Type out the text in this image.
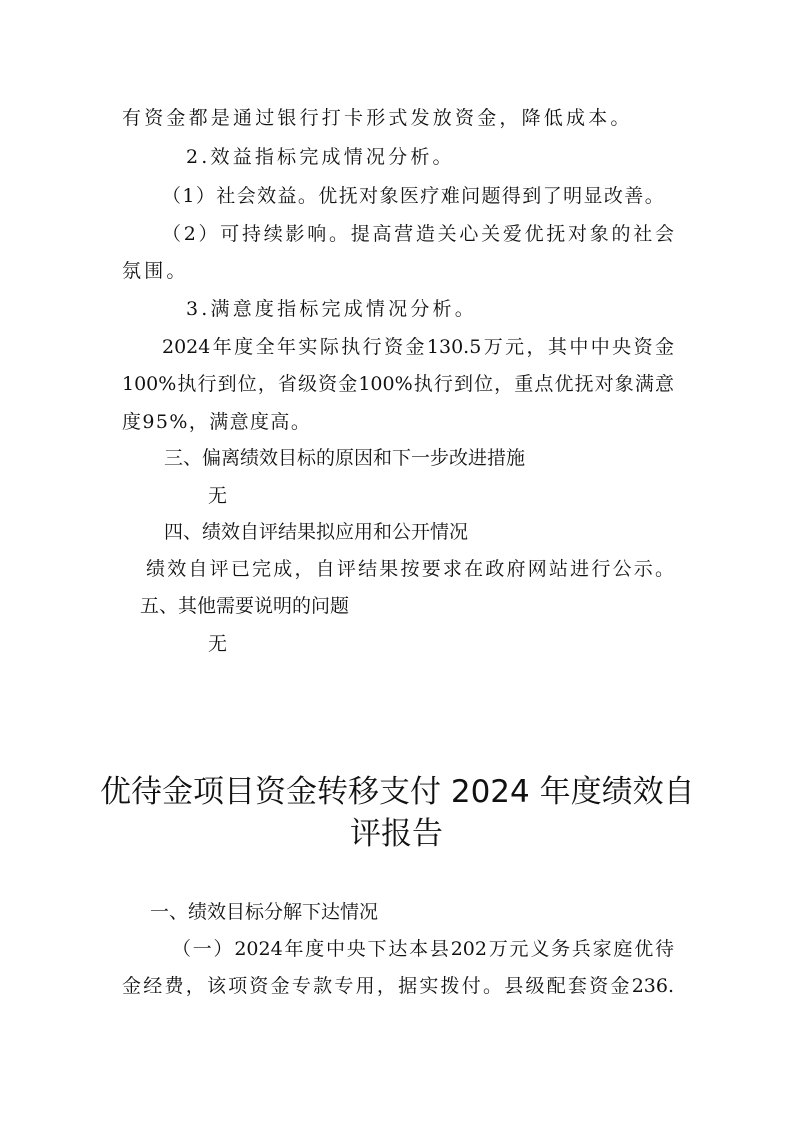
有资金都是通过银行打卡形式发放资金，降低成本。
2.效益指标完成情况分析。
（1）社会效益。优抚对象医疗难问题得到了明显改善。
（2）可持续影响。提高营造关心关爱优抚对象的社会
氛围。
3.满意度指标完成情况分析。
2024年度全年实际执行资金130.5万元，其中中央资金
100%执行到位，省级资金100%执行到位，重点优抚对象满意
度95%，满意度高。
三、偏离绩效目标的原因和下一步改进措施
无
四、绩效自评结果拟应用和公开情况
绩效自评已完成，自评结果按要求在政府网站进行公示。
五、其他需要说明的问题
无
优待金项目资金转移支付 2024 年度绩效自
评报告
一、绩效目标分解下达情况
（一）2024年度中央下达本县202万元义务兵家庭优待
金经费，该项资金专款专用，据实拨付。县级配套资金236.
